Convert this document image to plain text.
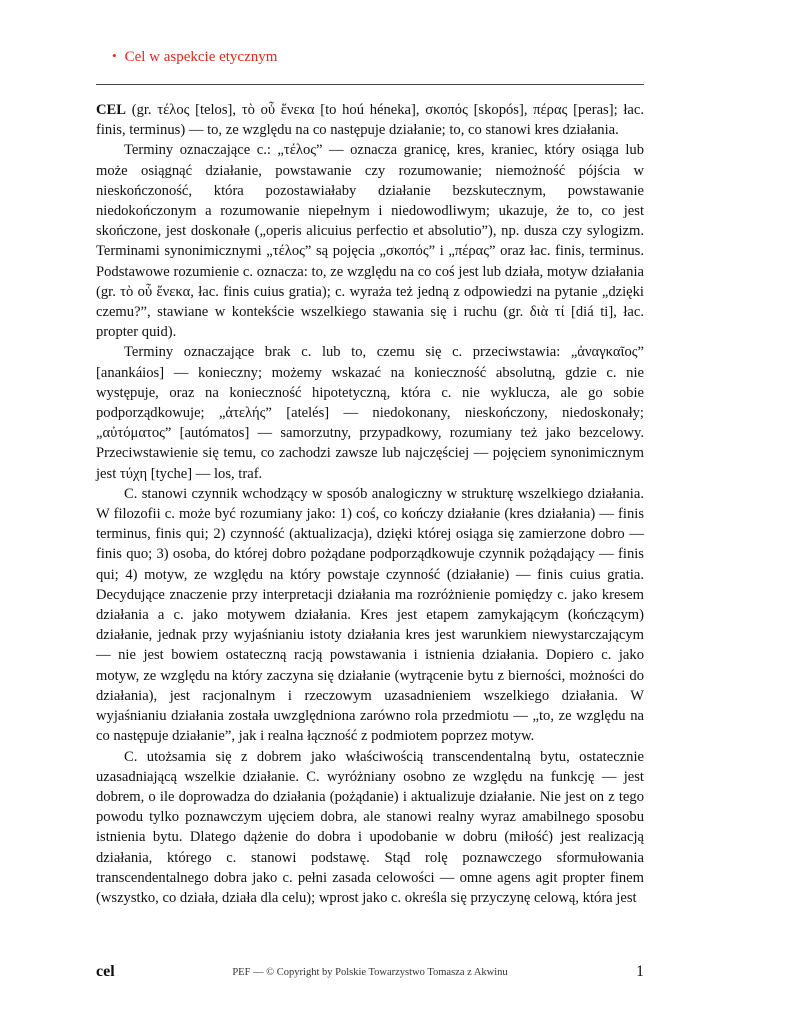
• Cel w aspekcie etycznym

CEL (gr. τέλος [telos], τὸ οὗ ἕνεκα [to hoú héneka], σκοπός [skopós], πέρας [peras]; łac. finis, terminus) — to, ze względu na co następuje działanie; to, co stanowi kres działania.

Terminy oznaczające c.: „τέλος” — oznacza granicę, kres, kraniec, który osiąga lub może osiągnąć działanie, powstawanie czy rozumowanie; niemożność pójścia w nieskończoność, która pozostawiałaby działanie bezskutecznym, powstawanie niedokończonym a rozumowanie niepełnym i niedowodliwym; ukazuje, że to, co jest skończone, jest doskonałe („operis alicuius perfectio et absolutio”), np. dusza czy sylogizm. Terminami synonimicznymi „τέλος” są pojęcia „σκοπός” i „πέρας” oraz łac. finis, terminus. Podstawowe rozumienie c. oznacza: to, ze względu na co coś jest lub działa, motyw działania (gr. τὸ οὗ ἕνεκα, łac. finis cuius gratia); c. wyraża też jedną z odpowiedzi na pytanie „dzięki czemu?”, stawiane w kontekście wszelkiego stawania się i ruchu (gr. διὰ τί [diá ti], łac. propter quid).

Terminy oznaczające brak c. lub to, czemu się c. przeciwstawia: „ἀναγκαῖος” [anankáios] — konieczny; możemy wskazać na konieczność absolutną, gdzie c. nie występuje, oraz na konieczność hipotetyczną, która c. nie wyklucza, ale go sobie podporządkowuje; „ἀτελής” [atelés] — niedokonany, nieskończony, niedoskonały; „αὐτόματος” [autómatos] — samorzutny, przypadkowy, rozumiany też jako bezcelowy. Przeciwstawienie się temu, co zachodzi zawsze lub najczęściej — pojęciem synonimicznym jest τύχη [tyche] — los, traf.

C. stanowi czynnik wchodzący w sposób analogiczny w strukturę wszelkiego działania. W filozofii c. może być rozumiany jako: 1) coś, co kończy działanie (kres działania) — finis terminus, finis qui; 2) czynność (aktualizacja), dzięki której osiąga się zamierzone dobro — finis quo; 3) osoba, do której dobro pożądane podporządkowuje czynnik pożądający — finis qui; 4) motyw, ze względu na który powstaje czynność (działanie) — finis cuius gratia. Decydujące znaczenie przy interpretacji działania ma rozróżnienie pomiędzy c. jako kresem działania a c. jako motywem działania. Kres jest etapem zamykającym (kończącym) działanie, jednak przy wyjaśnianiu istoty działania kres jest warunkiem niewystarczającym — nie jest bowiem ostateczną racją powstawania i istnienia działania. Dopiero c. jako motyw, ze względu na który zaczyna się działanie (wytrącenie bytu z bierności, możności do działania), jest racjonalnym i rzeczowym uzasadnieniem wszelkiego działania. W wyjaśnianiu działania została uwzględniona zarówno rola przedmiotu — „to, ze względu na co następuje działanie”, jak i realna łączność z podmiotem poprzez motyw.

C. utożsamia się z dobrem jako właściwością transcendentalną bytu, ostatecznie uzasadniającą wszelkie działanie. C. wyróżniany osobno ze względu na funkcję — jest dobrem, o ile doprowadza do działania (pożądanie) i aktualizuje działanie. Nie jest on z tego powodu tylko poznawczym ujęciem dobra, ale stanowi realny wyraz amabilnego sposobu istnienia bytu. Dlatego dążenie do dobra i upodobanie w dobru (miłość) jest realizacją działania, którego c. stanowi podstawę. Stąd rolę poznawczego sformułowania transcendentalnego dobra jako c. pełni zasada celowości — omne agens agit propter finem (wszystko, co działa, działa dla celu); wprost jako c. określa się przyczynę celową, która jest

cel	PEF — © Copyright by Polskie Towarzystwo Tomasza z Akwinu	1
